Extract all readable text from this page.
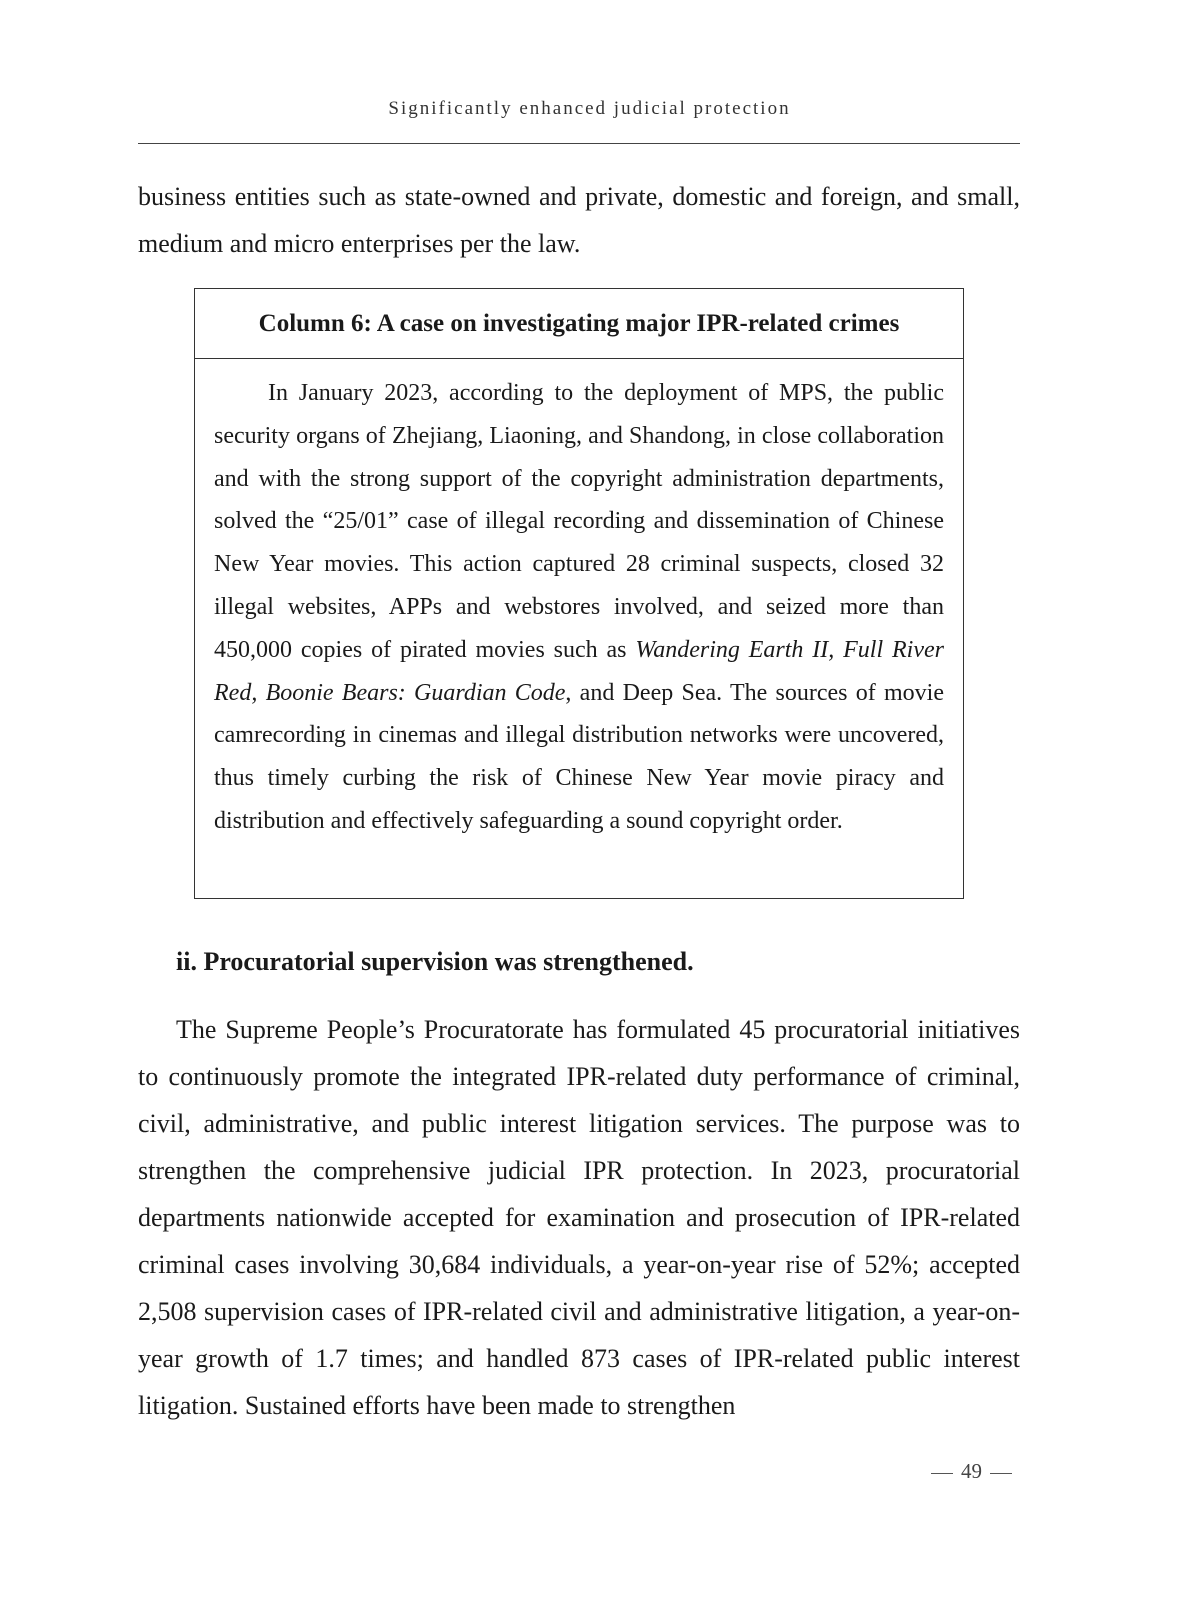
Significantly enhanced judicial protection

business entities such as state-owned and private, domestic and foreign, and small, medium and micro enterprises per the law.

Column 6: A case on investigating major IPR-related crimes

In January 2023, according to the deployment of MPS, the public security organs of Zhejiang, Liaoning, and Shandong, in close collaboration and with the strong support of the copyright administration departments, solved the “25/01” case of illegal recording and dissemination of Chinese New Year movies. This action captured 28 criminal suspects, closed 32 illegal websites, APPs and webstores involved, and seized more than 450,000 copies of pirated movies such as Wandering Earth II, Full River Red, Boonie Bears: Guardian Code, and Deep Sea. The sources of movie camrecording in cinemas and illegal distribution networks were uncovered, thus timely curbing the risk of Chinese New Year movie piracy and distribution and effectively safeguarding a sound copyright order.

ii. Procuratorial supervision was strengthened.

The Supreme People’s Procuratorate has formulated 45 procuratorial initiatives to continuously promote the integrated IPR-related duty performance of criminal, civil, administrative, and public interest litigation services. The purpose was to strengthen the comprehensive judicial IPR protection. In 2023, procuratorial departments nationwide accepted for examination and prosecution of IPR-related criminal cases involving 30,684 individuals, a year-on-year rise of 52%; accepted 2,508 supervision cases of IPR-related civil and administrative litigation, a year-on-year growth of 1.7 times; and handled 873 cases of IPR-related public interest litigation. Sustained efforts have been made to strengthen

49
